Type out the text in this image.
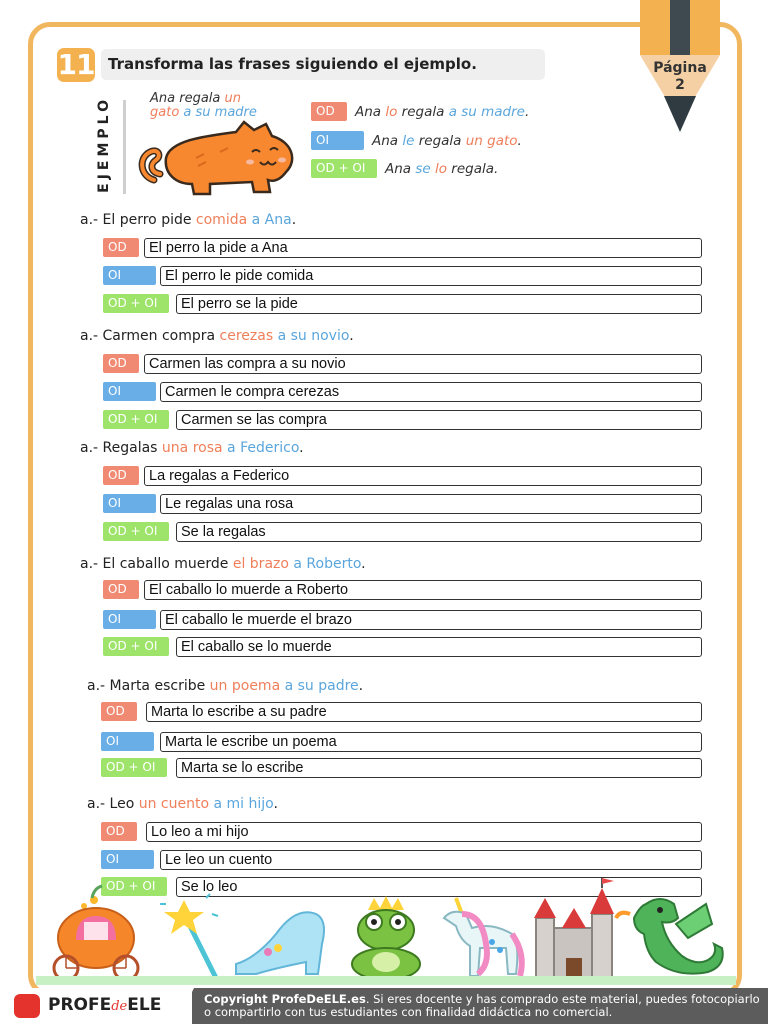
Página
2
11 Transforma las frases siguiendo el ejemplo.
EJEMPLO	Ana regala un gato a su madre	OD	Ana lo regala a su madre.
OI	Ana le regala un gato.
OD + OI	Ana se lo regala.
a.- El perro pide comida a Ana.
OD	El perro la pide a Ana
OI	El perro le pide comida
OD + OI	El perro se la pide
a.- Carmen compra cerezas a su novio.
OD	Carmen las compra a su novio
OI	Carmen le compra cerezas
OD + OI	Carmen se las compra
a.- Regalas una rosa a Federico.
OD	La regalas a Federico
OI	Le regalas una rosa
OD + OI	Se la regalas
a.- El caballo muerde el brazo a Roberto.
OD	El caballo lo muerde a Roberto
OI	El caballo le muerde el brazo
OD + OI	El caballo se lo muerde
a.- Marta escribe un poema a su padre.
OD	Marta lo escribe a su padre
OI	Marta le escribe un poema
OD + OI	Marta se lo escribe
a.- Leo un cuento a mi hijo.
OD	Lo leo a mi hijo
OI	Le leo un cuento
OD + OI	Se lo leo
PROFEdeELE	Copyright ProfeDeELE.es. Si eres docente y has comprado este material, puedes fotocopiarlo o compartirlo con tus estudiantes con finalidad didáctica no comercial.
